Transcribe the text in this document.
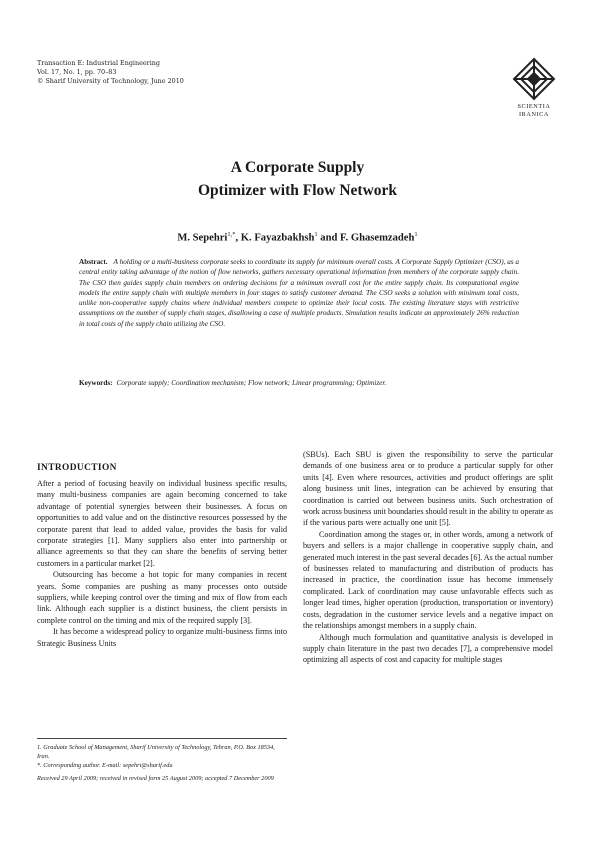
Transaction E: Industrial Engineering
Vol. 17, No. 1, pp. 70–83
© Sharif University of Technology, June 2010
SCIENTIA
IRANICA
A Corporate Supply
Optimizer with Flow Network
M. Sepehri$^{1,*}$, K. Fayazbakhsh$^1$ and F. Ghasemzadeh$^1$
Abstract. A holding or a multi-business corporate seeks to coordinate its supply for minimum overall costs. A Corporate Supply Optimizer (CSO), as a central entity taking advantage of the notion of flow networks, gathers necessary operational information from members of the corporate supply chain. The CSO then guides supply chain members on ordering decisions for a minimum overall cost for the entire supply chain. Its computational engine models the entire supply chain with multiple members in four stages to satisfy customer demand. The CSO seeks a solution with minimum total costs, unlike non-cooperative supply chains where individual members compete to optimize their local costs. The existing literature stays with restrictive assumptions on the number of supply chain stages, disallowing a case of multiple products. Simulation results indicate an approximately 26% reduction in total costs of the supply chain utilizing the CSO.
Keywords: Corporate supply; Coordination mechanism; Flow network; Linear programming; Optimizer.
INTRODUCTION

After a period of focusing heavily on individual business specific results, many multi-business companies are again becoming concerned to take advantage of potential synergies between their businesses. A focus on opportunities to add value and on the distinctive resources possessed by the corporate parent that lead to added value, provides the basis for valid corporate strategies [1]. Many suppliers also enter into partnership or alliance agreements so that they can share the benefits of serving better customers in a particular market [2].

Outsourcing has become a hot topic for many companies in recent years. Some companies are pushing as many processes onto outside suppliers, while keeping control over the timing and mix of flow from each link. Although each supplier is a distinct business, the client persists in complete control on the timing and mix of the required supply [3].

It has become a widespread policy to organize multi-business firms into Strategic Business Units

(SBUs). Each SBU is given the responsibility to serve the particular demands of one business area or to produce a particular supply for other units [4]. Even where resources, activities and product offerings are split along business unit lines, integration can be achieved by ensuring that coordination is carried out between business units. Such orchestration of work across business unit boundaries should result in the ability to operate as if the various parts were actually one unit [5].

Coordination among the stages or, in other words, among a network of buyers and sellers is a major challenge in cooperative supply chain, and generated much interest in the past several decades [6]. As the actual number of businesses related to manufacturing and distribution of products has increased in practice, the coordination issue has become immensely complicated. Lack of coordination may cause unfavorable effects such as longer lead times, higher operation (production, transportation or inventory) costs, degradation in the customer service levels and a negative impact on the relationships amongst members in a supply chain.

Although much formulation and quantitative analysis is developed in supply chain literature in the past two decades [7], a comprehensive model optimizing all aspects of cost and capacity for multiple stages

1. Graduate School of Management, Sharif University of Technology, Tehran, P.O. Box 18534, Iran.

*. Corresponding author. E-mail: sepehri@sharif.edu

Received 29 April 2009; received in revised form 25 August 2009; accepted 7 December 2009
